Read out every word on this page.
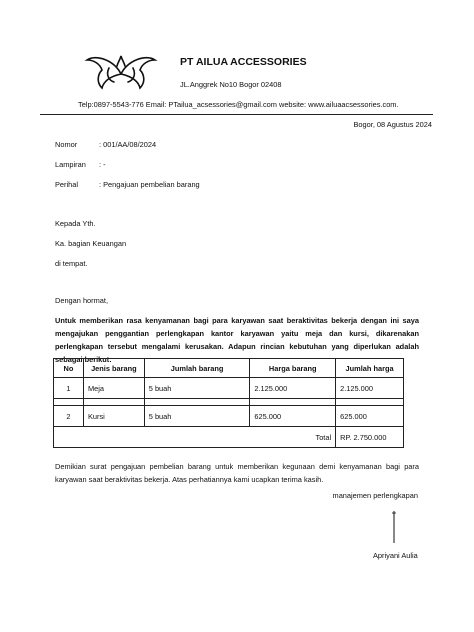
PT AILUA ACCESSORIES
JL.Anggrek No10 Bogor 02408
Telp:0897-5543-776 Email: PTailua_acsessories@gmail.com website: www.ailuaacsessories.com.
Bogor, 08 Agustus 2024
Nomor	: 001/AA/08/2024
Lampiran : -
Perihal	: Pengajuan pembelian barang
Kepada Yth.
Ka. bagian Keuangan
di tempat.
Dengan hormat,
Untuk memberikan rasa kenyamanan bagi para karyawan saat beraktivitas bekerja dengan ini saya mengajukan penggantian perlengkapan kantor karyawan yaitu meja dan kursi, dikarenakan perlengkapan tersebut mengalami kerusakan. Adapun rincian kebutuhan yang diperlukan adalah sebagai berikut:
No	Jenis barang	Jumlah barang	Harga barang	Jumlah harga
1	Meja	5 buah	2.125.000	2.125.000

2	Kursi	5 buah	625.000	625.000
Total				RP. 2.750.000
Demikian surat pengajuan pembelian barang untuk memberikan kegunaan demi kenyamanan bagi para karyawan saat beraktivitas bekerja. Atas perhatiannya kami ucapkan terima kasih.
manajemen perlengkapan
Apriyani Aulia
